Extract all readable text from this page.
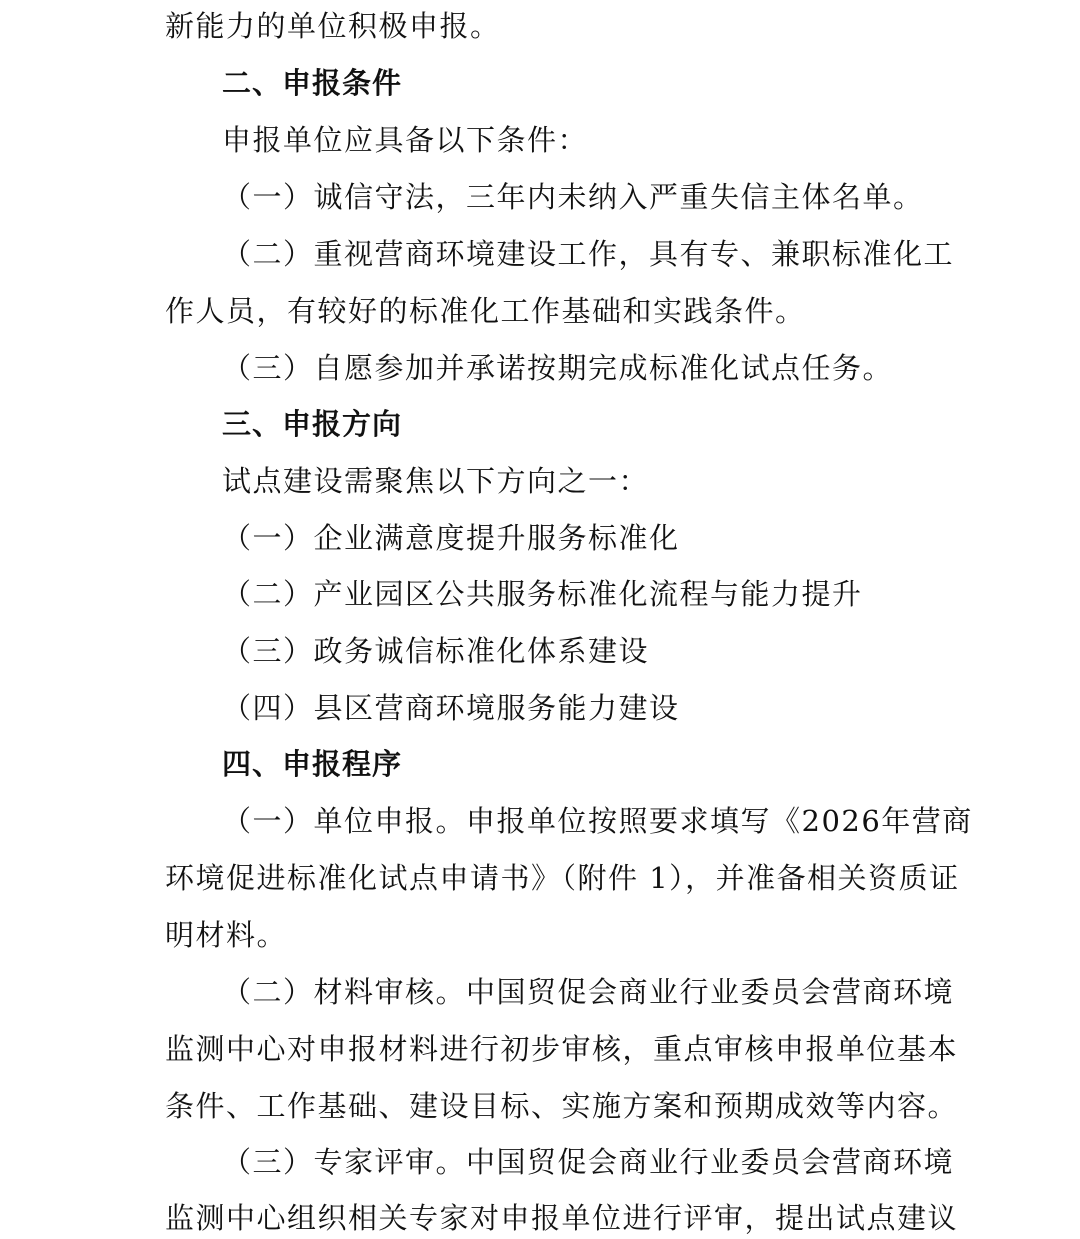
新能力的单位积极申报。
二、申报条件
申报单位应具备以下条件：
（一）诚信守法，三年内未纳入严重失信主体名单。
（二）重视营商环境建设工作，具有专、兼职标准化工
作人员，有较好的标准化工作基础和实践条件。
（三）自愿参加并承诺按期完成标准化试点任务。
三、申报方向
试点建设需聚焦以下方向之一：
（一）企业满意度提升服务标准化
（二）产业园区公共服务标准化流程与能力提升
（三）政务诚信标准化体系建设
（四）县区营商环境服务能力建设
四、申报程序
（一）单位申报。申报单位按照要求填写《2026年营商
环境促进标准化试点申请书》（附件 1），并准备相关资质证
明材料。
（二）材料审核。中国贸促会商业行业委员会营商环境
监测中心对申报材料进行初步审核，重点审核申报单位基本
条件、工作基础、建设目标、实施方案和预期成效等内容。
（三）专家评审。中国贸促会商业行业委员会营商环境
监测中心组织相关专家对申报单位进行评审，提出试点建议
